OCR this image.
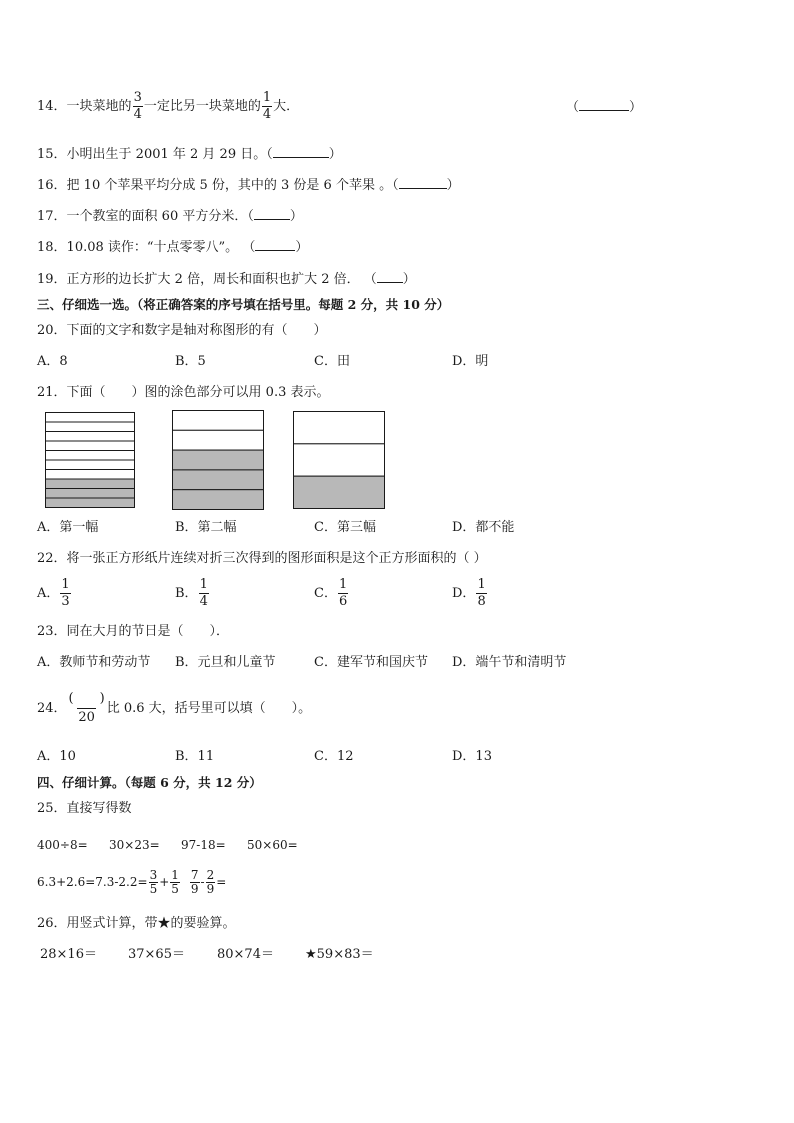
14．一块菜地的 $\frac{3}{4}$ 一定比另一块菜地的 $\frac{1}{4}$ 大．	（	）
15．小明出生于 2001 年 2 月 29 日。（	）
16．把 10 个苹果平均分成 5 份，其中的 3 份是 6 个苹果 。（	）
17．一个教室的面积 60 平方分米．（	）
18．10.08 读作：“十点零零八”。 （	）
19．正方形的边长扩大 2 倍，周长和面积也扩大 2 倍． （ ）
三、仔细选一选。（将正确答案的序号填在括号里。每题 2 分，共 10 分）
20．下面的文字和数字是轴对称图形的有（　　）
A．8	B．5	C．田	D．明
21．下面（　　）图的涂色部分可以用 0.3 表示。
A．第一幅	B．第二幅	C．第三幅	D．都不能
22．将一张正方形纸片连续对折三次得到的图形面积是这个正方形面积的（ ）
A． $\frac{1}{3}$	B． $\frac{1}{4}$	C． $\frac{1}{6}$	D． $\frac{1}{8}$
23．同在大月的节日是（　　）．
A．教师节和劳动节 B．元旦和儿童节	C．建军节和国庆节 D．端午节和清明节
24． $\frac{( )}{20}$ 比 0.6 大，括号里可以填（　　）。
A．10	B．11	C．12	D．13
四、仔细计算。（每题 6 分，共 12 分）
25．直接写得数
400÷8= 30×23= 97-18= 50×60=
$6.3+2.6=7.3-2.2= \frac{3}{5} + \frac{1}{5} \frac{7}{9} - \frac{2}{9}$ =
26．用竖式计算，带★的要验算。
28×16＝ 37×65＝ 80×74＝ ★59×83＝
